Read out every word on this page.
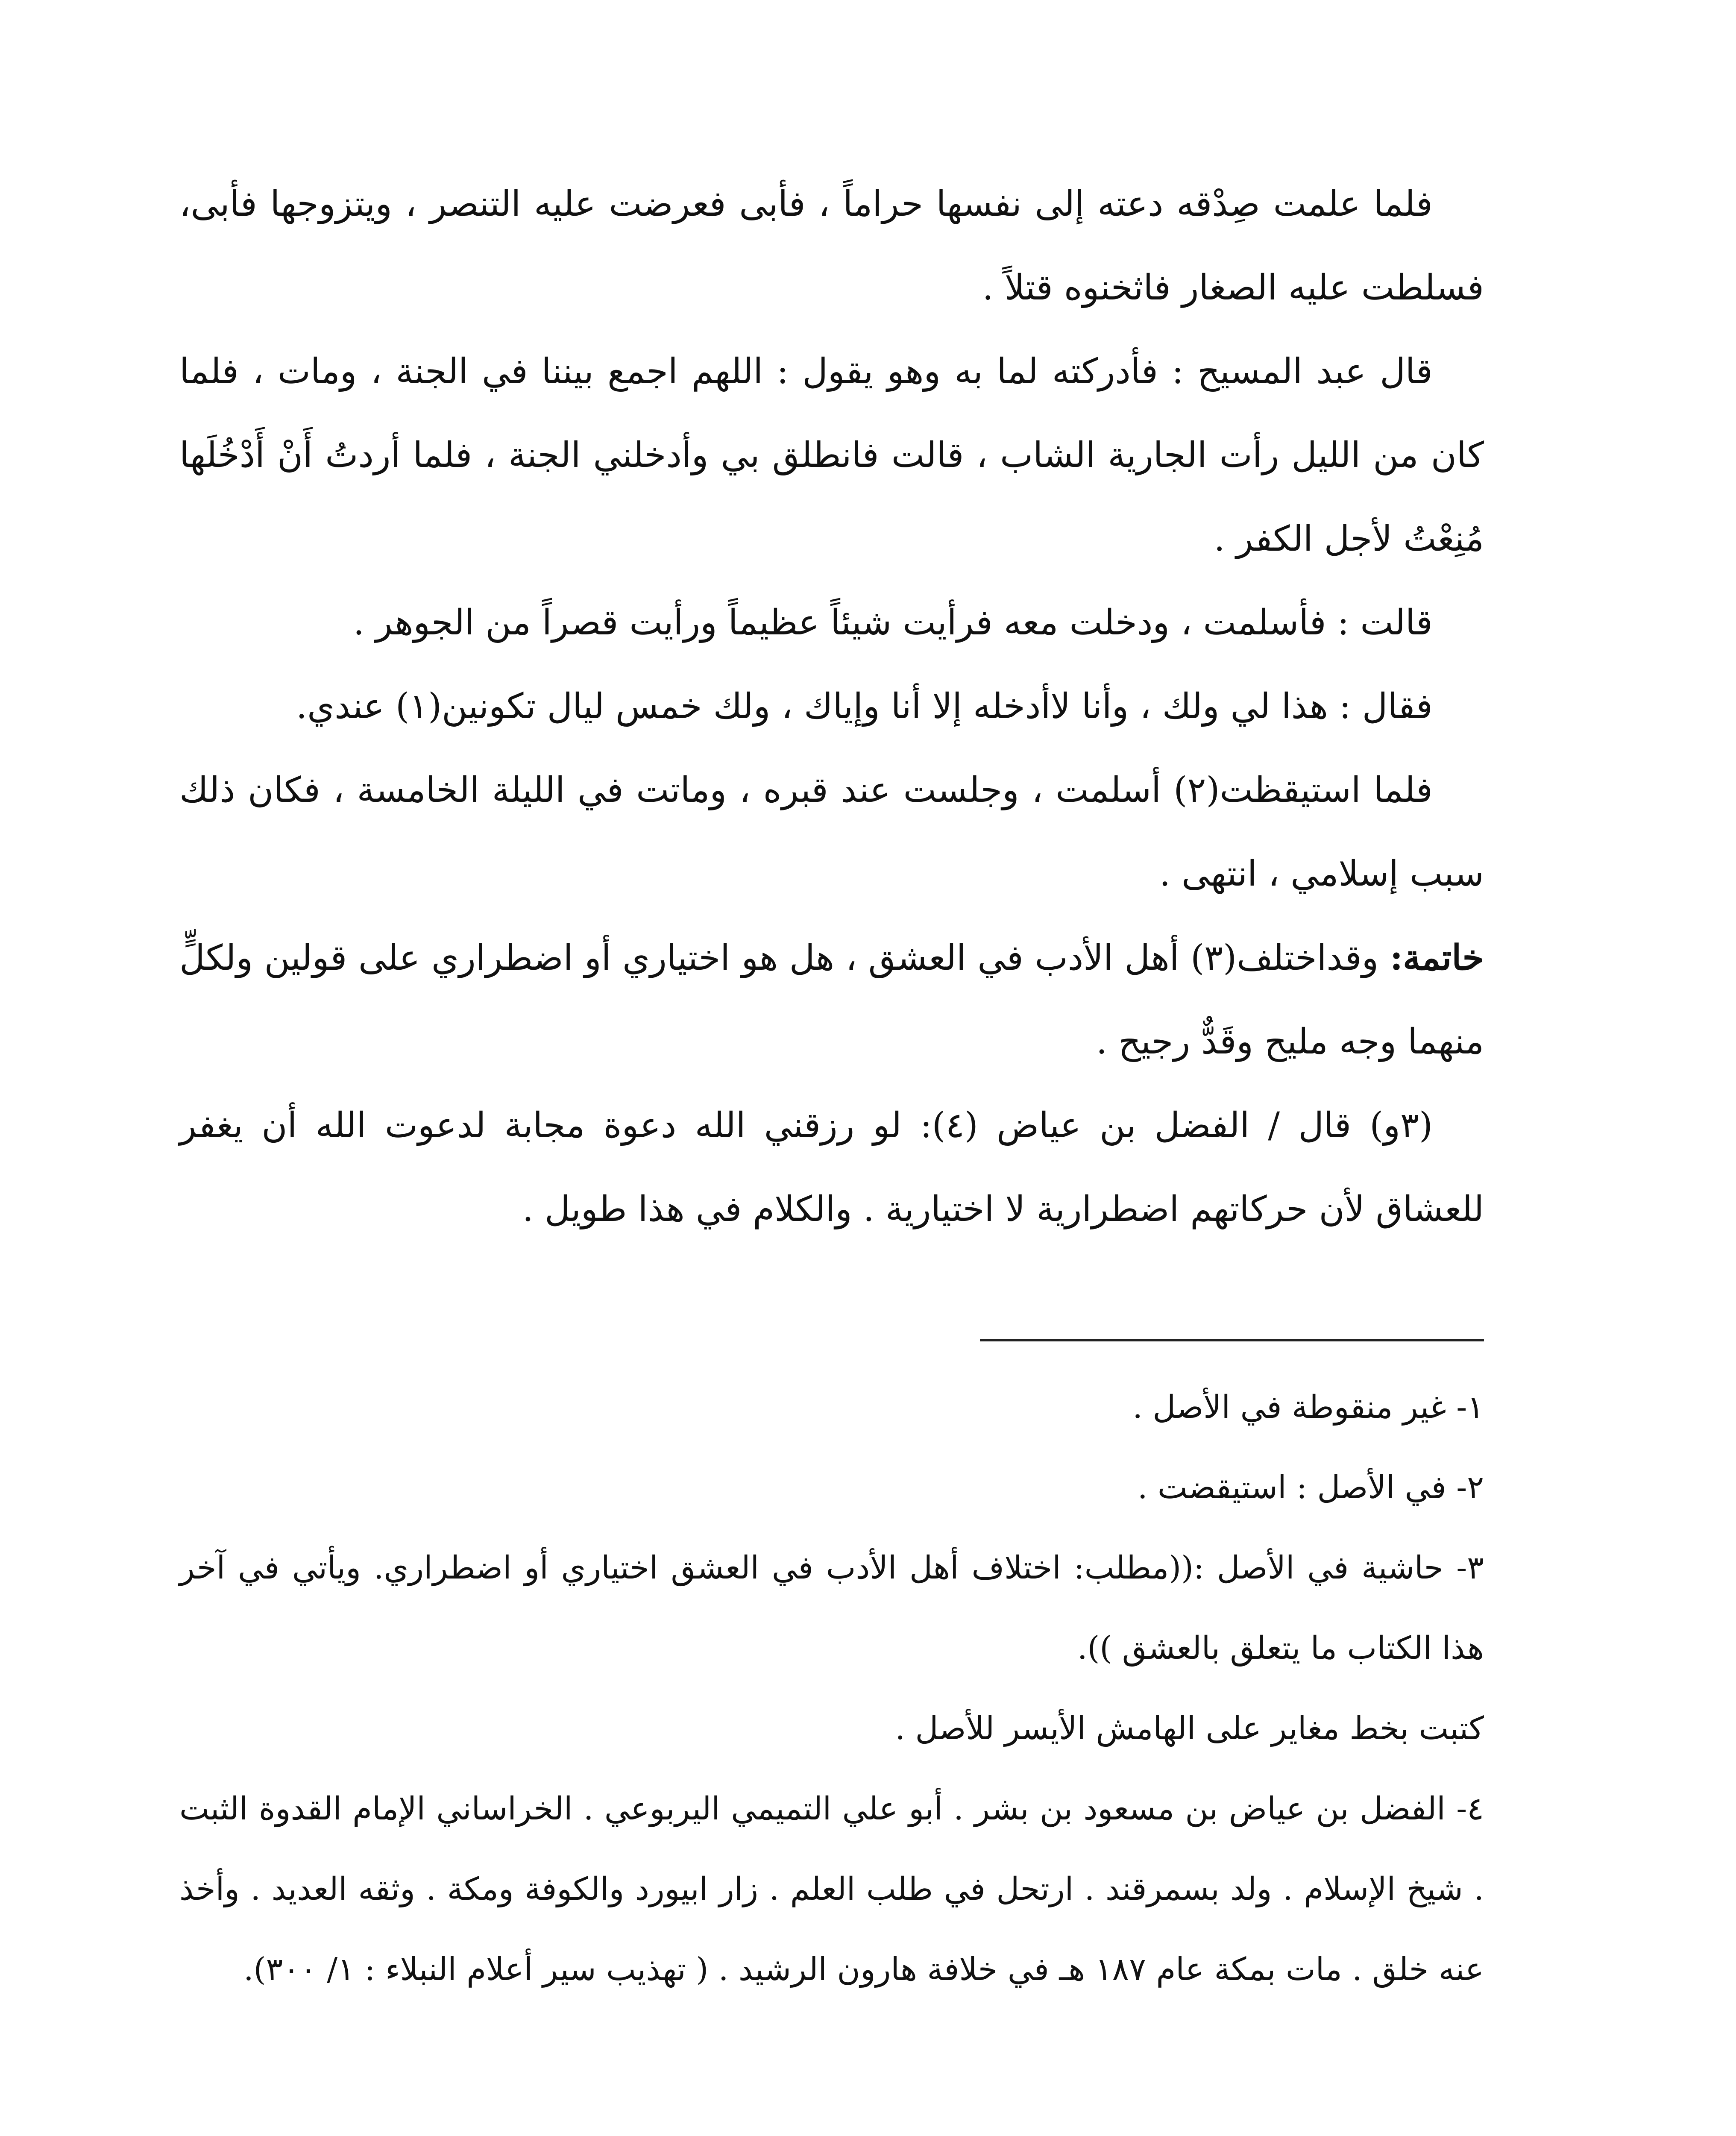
فلما علمت صِدْقه دعته إلى نفسها حراماً ، فأبى فعرضت عليه التنصر ، ويتزوجها فأبى، فسلطت عليه الصغار فاثخنوه قتلاً .

قال عبد المسيح : فأدركته لما به وهو يقول : اللهم اجمع بيننا في الجنة ، ومات ، فلما كان من الليل رأت الجارية الشاب ، قالت فانطلق بي وأدخلني الجنة ، فلما أردتُ أَنْ أَدْخُلَها مُنِعْتُ لأجل الكفر .

قالت : فأسلمت ، ودخلت معه فرأيت شيئاً عظيماً ورأيت قصراً من الجوهر .

فقال : هذا لي ولك ، وأنا لاأدخله إلا أنا وإياك ، ولك خمس ليال تكونين(١) عندي.

فلما استيقظت(٢) أسلمت ، وجلست عند قبره ، وماتت في الليلة الخامسة ، فكان ذلك سبب إسلامي ، انتهى .

خاتمة: وقداختلف(٣) أهل الأدب في العشق ، هل هو اختياري أو اضطراري على قولين ولكلٍّ منهما وجه مليح وقَدٌّ رجيح .

(٣و) قال / الفضل بن عياض (٤): لو رزقني الله دعوة مجابة لدعوت الله أن يغفر للعشاق لأن حركاتهم اضطرارية لا اختيارية . والكلام في هذا طويل .

١- غير منقوطة في الأصل .

٢- في الأصل : استيقضت .

٣- حاشية في الأصل :((مطلب: اختلاف أهل الأدب في العشق اختياري أو اضطراري. ويأتي في آخر هذا الكتاب ما يتعلق بالعشق )).

كتبت بخط مغاير على الهامش الأيسر للأصل .

٤- الفضل بن عياض بن مسعود بن بشر . أبو علي التميمي اليربوعي . الخراساني الإمام القدوة الثبت . شيخ الإسلام . ولد بسمرقند . ارتحل في طلب العلم . زار ابيورد والكوفة ومكة . وثقه العديد . وأخذ عنه خلق . مات بمكة عام ١٨٧ هـ في خلافة هارون الرشيد . ( تهذيب سير أعلام النبلاء : ١/ ٣٠٠).
